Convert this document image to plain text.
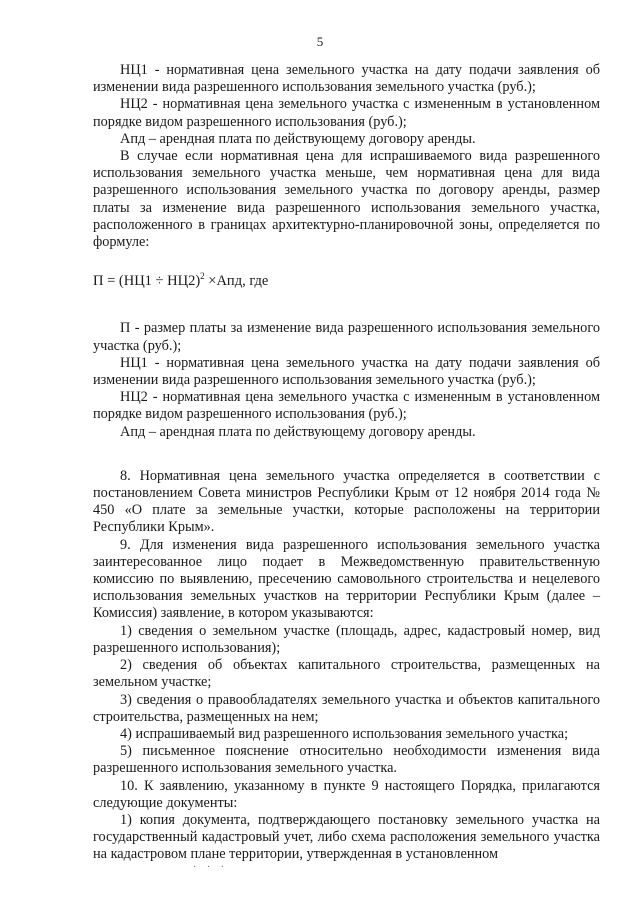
5

НЦ1 - нормативная цена земельного участка на дату подачи заявления об изменении вида разрешенного использования земельного участка (руб.);

НЦ2 - нормативная цена земельного участка с измененным в установленном порядке видом разрешенного использования (руб.);

Апд – арендная плата по действующему договору аренды.

В случае если нормативная цена для испрашиваемого вида разрешенного использования земельного участка меньше, чем нормативная цена для вида разрешенного использования земельного участка по договору аренды, размер платы за изменение вида разрешенного использования земельного участка, расположенного в границах архитектурно-планировочной зоны, определяется по формуле:

$П = (НЦ1 \div НЦ2)^2 \times Апд$, где

П - размер платы за изменение вида разрешенного использования земельного участка (руб.);

НЦ1 - нормативная цена земельного участка на дату подачи заявления об изменении вида разрешенного использования земельного участка (руб.);

НЦ2 - нормативная цена земельного участка с измененным в установленном порядке видом разрешенного использования (руб.);

Апд – арендная плата по действующему договору аренды.

8. Нормативная цена земельного участка определяется в соответствии с постановлением Совета министров Республики Крым от 12 ноября 2014 года № 450 «О плате за земельные участки, которые расположены на территории Республики Крым».

9. Для изменения вида разрешенного использования земельного участка заинтересованное лицо подает в Межведомственную правительственную комиссию по выявлению, пресечению самовольного строительства и нецелевого использования земельных участков на территории Республики Крым (далее – Комиссия) заявление, в котором указываются:

1) сведения о земельном участке (площадь, адрес, кадастровый номер, вид разрешенного использования);

2) сведения об объектах капитального строительства, размещенных на земельном участке;

3) сведения о правообладателях земельного участка и объектов капитального строительства, размещенных на нем;

4) испрашиваемый вид разрешенного использования земельного участка;

5) письменное пояснение относительно необходимости изменения вида разрешенного использования земельного участка.

10. К заявлению, указанному в пункте 9 настоящего Порядка, прилагаются следующие документы:

1) копия документа, подтверждающего постановку земельного участка на государственный кадастровый учет, либо схема расположения земельного участка на кадастровом плане территории, утвержденная в установленном

· · ·
